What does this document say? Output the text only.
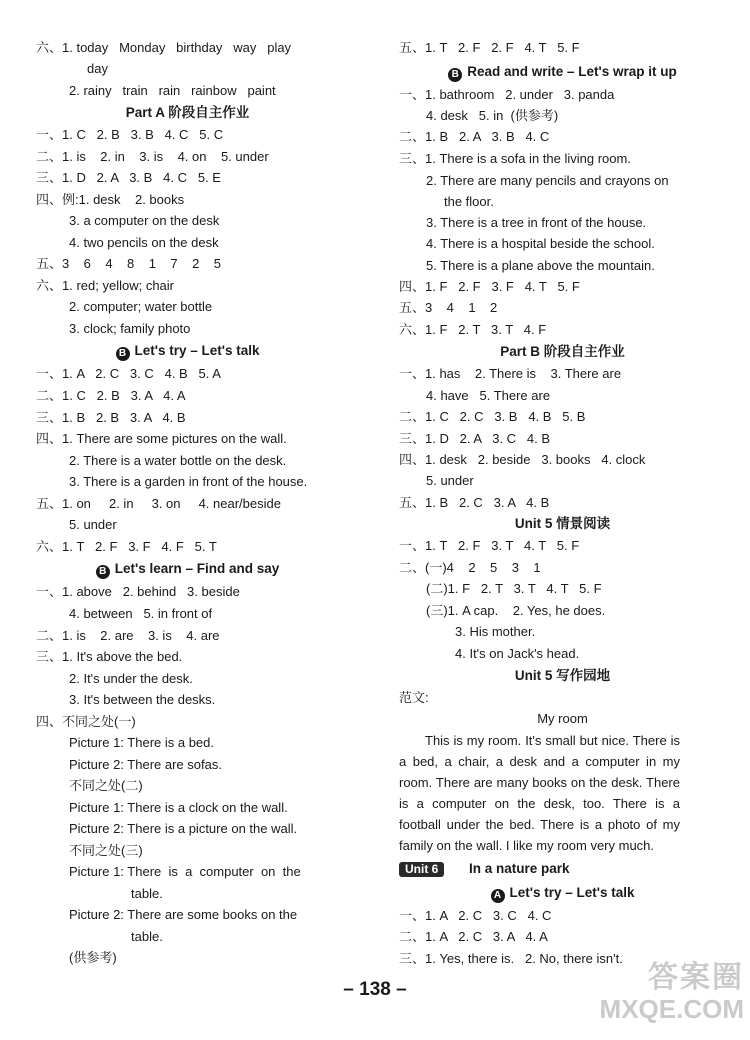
六、1. today   Monday   birthday   way   play
day
2. rainy   train   rain   rainbow   paint
Part A 阶段自主作业
一、1. C   2. B   3. B   4. C   5. C
二、1. is    2. in    3. is    4. on    5. under
三、1. D   2. A   3. B   4. C   5. E
四、例:1. desk    2. books
3. a computer on the desk
4. two pencils on the desk
五、3    6    4    8    1    7    2    5
六、1. red; yellow; chair
2. computer; water bottle
3. clock; family photo
B Let's try – Let's talk
一、1. A   2. C   3. C   4. B   5. A
二、1. C   2. B   3. A   4. A
三、1. B   2. B   3. A   4. B
四、1. There are some pictures on the wall.
2. There is a water bottle on the desk.
3. There is a garden in front of the house.
五、1. on     2. in     3. on     4. near/beside
5. under
六、1. T   2. F   3. F   4. F   5. T
B Let's learn – Find and say
一、1. above   2. behind   3. beside
4. between   5. in front of
二、1. is    2. are    3. is    4. are
三、1. It's above the bed.
2. It's under the desk.
3. It's between the desks.
四、不同之处(一)
Picture 1: There is a bed.
Picture 2: There are sofas.
不同之处(二)
Picture 1: There is a clock on the wall.
Picture 2: There is a picture on the wall.
不同之处(三)
Picture 1: There  is  a  computer  on  the
table.
Picture 2: There are some books on the
table.
(供参考)
五、1. T   2. F   2. F   4. T   5. F
B Read and write – Let's wrap it up
一、1. bathroom   2. under   3. panda
4. desk   5. in  (供参考)
二、1. B   2. A   3. B   4. C
三、1. There is a sofa in the living room.
2. There are many pencils and crayons on
the floor.
3. There is a tree in front of the house.
4. There is a hospital beside the school.
5. There is a plane above the mountain.
四、1. F   2. F   3. F   4. T   5. F
五、3    4    1    2
六、1. F   2. T   3. T   4. F
Part B 阶段自主作业
一、1. has    2. There is    3. There are
4. have   5. There are
二、1. C   2. C   3. B   4. B   5. B
三、1. D   2. A   3. C   4. B
四、1. desk   2. beside   3. books   4. clock
5. under
五、1. B   2. C   3. A   4. B
Unit 5 情景阅读
一、1. T   2. F   3. T   4. T   5. F
二、(一)4    2    5    3    1
(二)1. F   2. T   3. T   4. T   5. F
(三)1. A cap.    2. Yes, he does.
3. His mother.
4. It's on Jack's head.
Unit 5 写作园地
范文:
My room
This is my room. It's small but nice. There is a bed, a chair, a desk and a computer in my room. There are many books on the desk. There is a computer on the desk, too. There is a football under the bed. There is a photo of my family on the wall. I like my room very much.
Unit 6	In a nature park
A Let's try – Let's talk
一、1. A   2. C   3. C   4. C
二、1. A   2. C   3. A   4. A
三、1. Yes, there is.   2. No, there isn't.
答案圈
MXQE.COM
– 138 –
